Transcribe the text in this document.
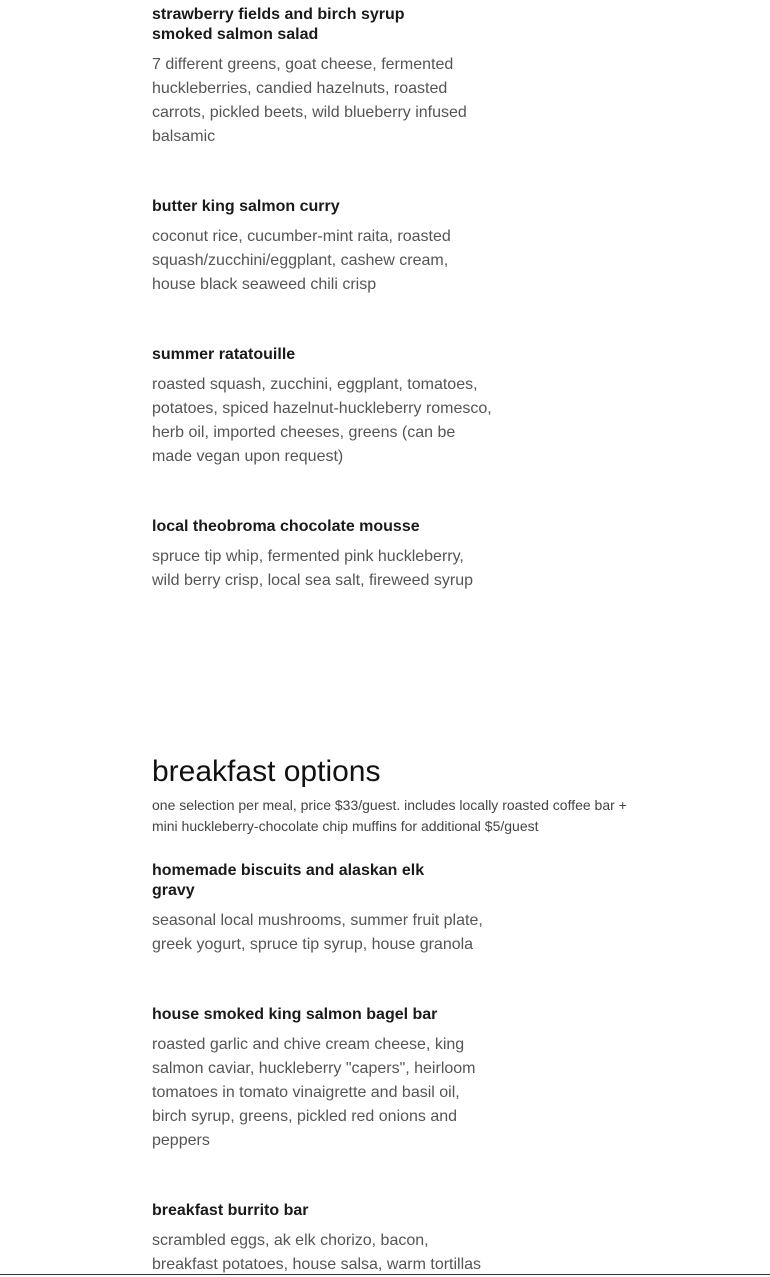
strawberry fields and birch syrup smoked salmon salad

7 different greens, goat cheese, fermented huckleberries, candied hazelnuts, roasted carrots, pickled beets, wild blueberry infused balsamic

butter king salmon curry

coconut rice, cucumber-mint raita, roasted squash/zucchini/eggplant, cashew cream, house black seaweed chili crisp

summer ratatouille

roasted squash, zucchini, eggplant, tomatoes, potatoes, spiced hazelnut-huckleberry romesco, herb oil, imported cheeses, greens (can be made vegan upon request)

local theobroma chocolate mousse

spruce tip whip, fermented pink huckleberry, wild berry crisp, local sea salt, fireweed syrup

breakfast options

one selection per meal, price $33/guest. includes locally roasted coffee bar + mini huckleberry-chocolate chip muffins for additional $5/guest

homemade biscuits and alaskan elk gravy

seasonal local mushrooms, summer fruit plate, greek yogurt, spruce tip syrup, house granola

house smoked king salmon bagel bar

roasted garlic and chive cream cheese, king salmon caviar, huckleberry "capers", heirloom tomatoes in tomato vinaigrette and basil oil, birch syrup, greens, pickled red onions and peppers

breakfast burrito bar

scrambled eggs, ak elk chorizo, bacon, breakfast potatoes, house salsa, warm tortillas
